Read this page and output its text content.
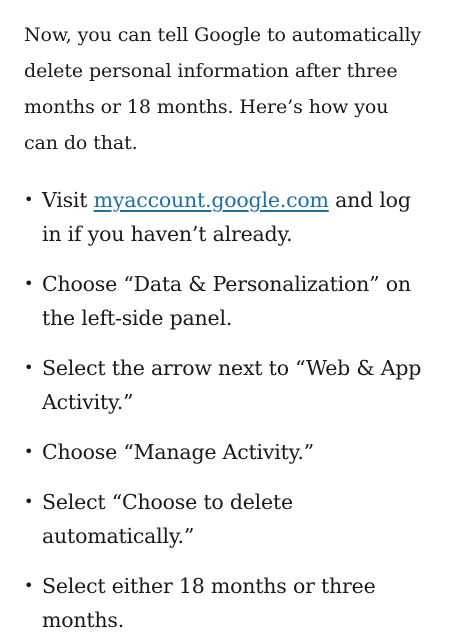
Now, you can tell Google to automatically delete personal information after three months or 18 months. Here’s how you can do that.

• Visit myaccount.google.com and log in if you haven’t already.
• Choose “Data & Personalization” on the left-side panel.
• Select the arrow next to “Web & App Activity.”
• Choose “Manage Activity.”
• Select “Choose to delete automatically.”
• Select either 18 months or three months.
